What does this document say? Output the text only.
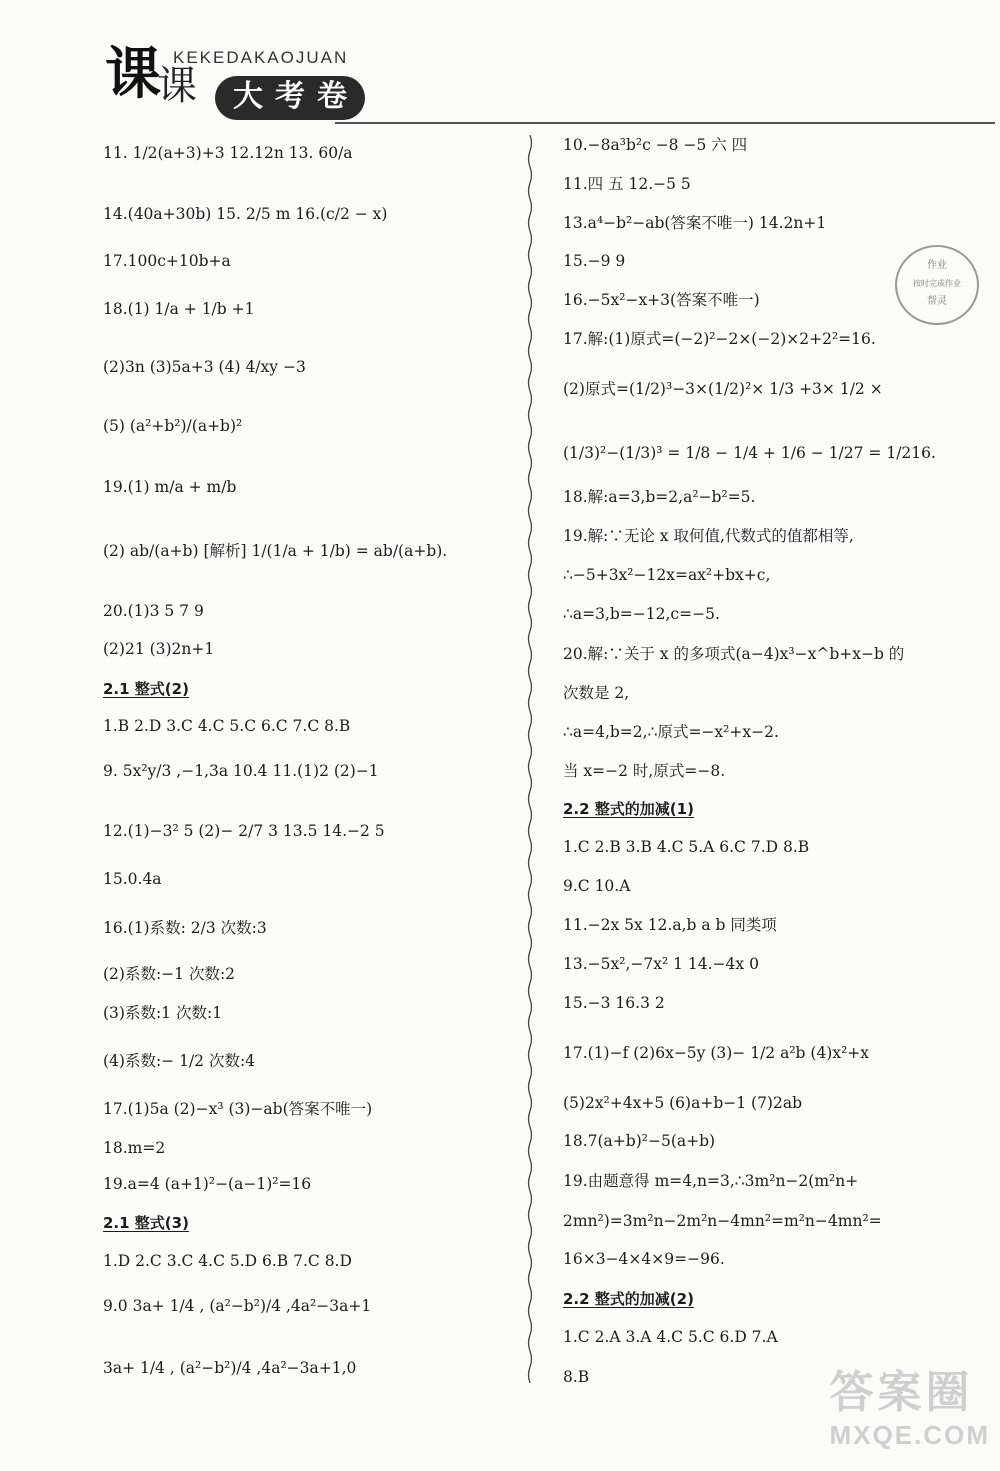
课
课 大 考 卷
KEKEDAKAOJUAN
11. 1/2(a+3)+3 12.12n 13. 60/a
14.(40a+30b) 15. 2/5 m 16.(c/2 − x)
17.100c+10b+a
18.(1) 1/a + 1/b +1
(2)3n (3)5a+3 (4) 4/xy −3
(5) (a²+b²)/(a+b)²
19.(1) m/a + m/b
(2) ab/(a+b) [解析] 1/(1/a + 1/b) = ab/(a+b).
20.(1)3 5 7 9
(2)21 (3)2n+1
2.1 整式(2)
1.B 2.D 3.C 4.C 5.C 6.C 7.C 8.B
9. 5x²y/3 ,−1,3a 10.4 11.(1)2 (2)−1
12.(1)−3² 5 (2)− 2/7 3 13.5 14.−2 5
15.0.4a
16.(1)系数: 2/3 次数:3
(2)系数:−1 次数:2
(3)系数:1 次数:1
(4)系数:− 1/2 次数:4
17.(1)5a (2)−x³ (3)−ab(答案不唯一)
18.m=2
19.a=4 (a+1)²−(a−1)²=16
2.1 整式(3)
1.D 2.C 3.C 4.C 5.D 6.B 7.C 8.D
9.0 3a+ 1/4 , (a²−b²)/4 ,4a²−3a+1
3a+ 1/4 , (a²−b²)/4 ,4a²−3a+1,0
10.−8a³b²c −8 −5 六 四
11.四 五 12.−5 5
13.a⁴−b²−ab(答案不唯一) 14.2n+1
15.−9 9
16.−5x²−x+3(答案不唯一)
17.解:(1)原式=(−2)²−2×(−2)×2+2²=16.
(2)原式=(1/2)³−3×(1/2)²× 1/3 +3× 1/2 ×
(1/3)²−(1/3)³ = 1/8 − 1/4 + 1/6 − 1/27 = 1/216.
18.解:a=3,b=2,a²−b²=5.
19.解:∵无论 x 取何值,代数式的值都相等,
∴−5+3x²−12x=ax²+bx+c,
∴a=3,b=−12,c=−5.
20.解:∵关于 x 的多项式(a−4)x³−x^b+x−b 的
次数是 2,
∴a=4,b=2,∴原式=−x²+x−2.
当 x=−2 时,原式=−8.
2.2 整式的加减(1)
1.C 2.B 3.B 4.C 5.A 6.C 7.D 8.B
9.C 10.A
11.−2x 5x 12.a,b a b 同类项
13.−5x²,−7x² 1 14.−4x 0
15.−3 16.3 2
17.(1)−f (2)6x−5y (3)− 1/2 a²b (4)x²+x
(5)2x²+4x+5 (6)a+b−1 (7)2ab
18.7(a+b)²−5(a+b)
19.由题意得 m=4,n=3,∴3m²n−2(m²n+
2mn²)=3m²n−2m²n−4mn²=m²n−4mn²=
16×3−4×4×9=−96.
2.2 整式的加减(2)
1.C 2.A 3.A 4.C 5.C 6.D 7.A
8.B
作业
按时完成作业
帮灵
答案圈
MXQE.COM
